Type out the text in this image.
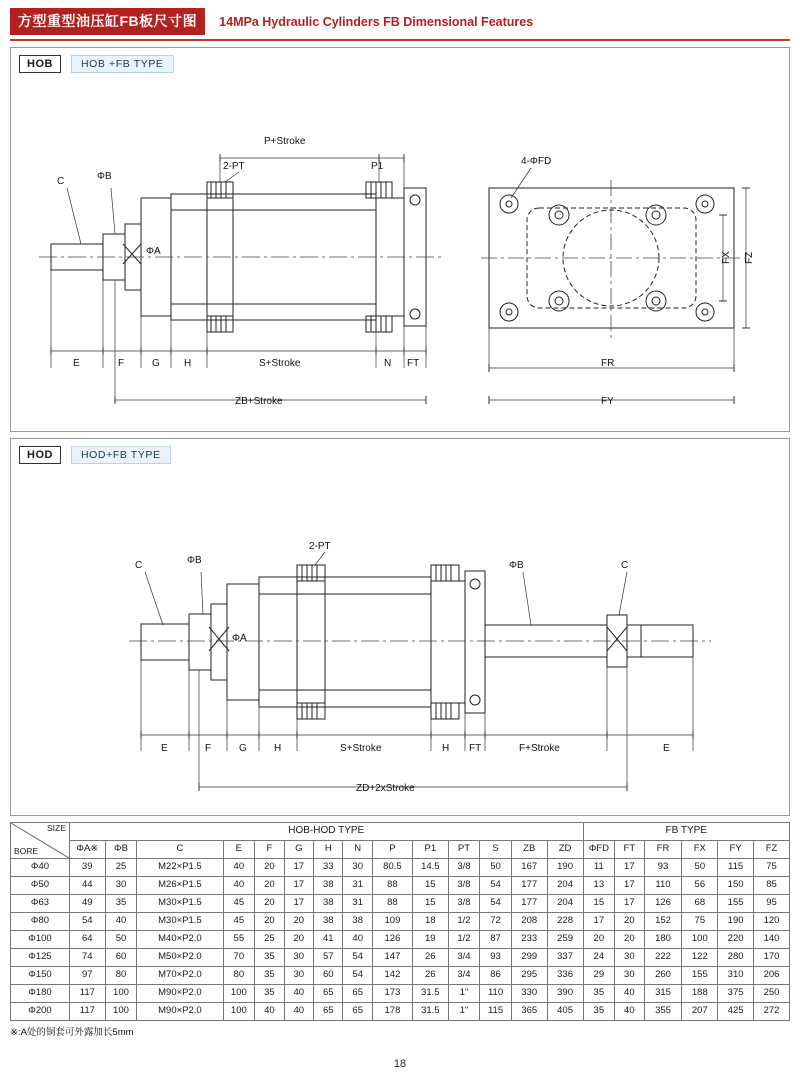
方型重型油压缸FB板尺寸图	14MPa Hydraulic Cylinders FB Dimensional Features
HOB	HOB +FB TYPE
P+Stroke
2-PT	P1
C	ΦB
ΦA
E	F	G H	S+Stroke	N FT
ZB+Stroke
4-ΦFD
FX FZ
FR
FY
HOD	HOD+FB TYPE
2-PT
C	ΦB
ΦA
ΦB	C
E	F	G	H	S+Stroke	H FT	F+Stroke	E
ZD+2xStroke
SIZE
BORE	HOB-HOD TYPE														FB TYPE					
	ΦA※	ΦB	C	E	F	G	H	N	P	P1	PT	S	ZB	ZD	ΦFD	FT	FR	FX	FY	FZ
Φ40	39	25	M22×P1.5	40	20	17	33	30	80.5	14.5	3/8	50	167	190	11	17	93	50	115	75
Φ50	44	30	M26×P1.5	40	20	17	38	31	88	15	3/8	54	177	204	13	17	110	56	150	85
Φ63	49	35	M30×P1.5	45	20	17	38	31	88	15	3/8	54	177	204	15	17	126	68	155	95
Φ80	54	40	M30×P1.5	45	20	20	38	38	109	18	1/2	72	208	228	17	20	152	75	190	120
Φ100	64	50	M40×P2.0	55	25	20	41	40	126	19	1/2	87	233	259	20	20	180	100	220	140
Φ125	74	60	M50×P2.0	70	35	30	57	54	147	26	3/4	93	299	337	24	30	222	122	280	170
Φ150	97	80	M70×P2.0	80	35	30	60	54	142	26	3/4	86	295	336	29	30	260	155	310	206
Φ180	117	100	M90×P2.0	100	35	40	65	65	173	31.5	1"	110	330	390	35	40	315	188	375	250
Φ200	117	100	M90×P2.0	100	40	40	65	65	178	31.5	1"	115	365	405	35	40	355	207	425	272
※:A处的铜套可外露加长5mm
18
